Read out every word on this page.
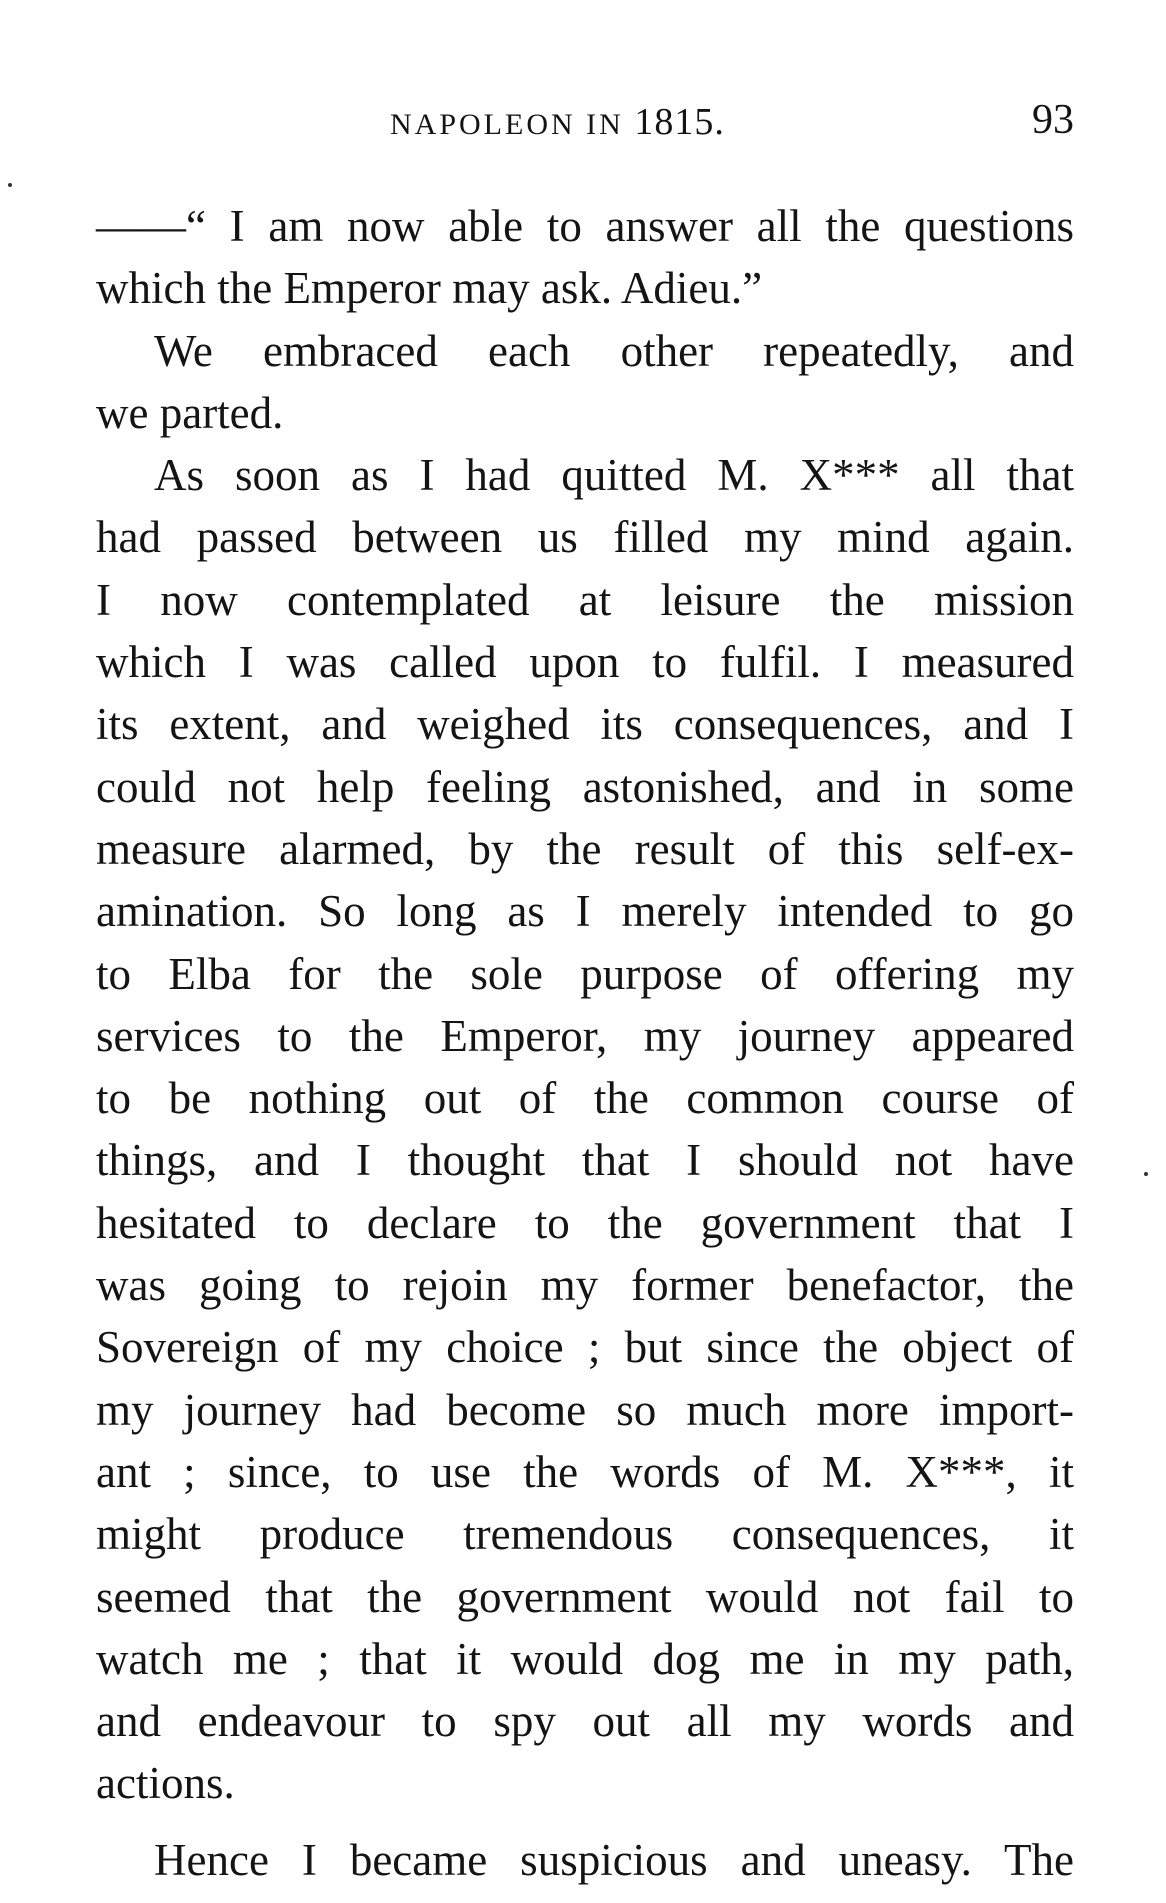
NAPOLEON IN 1815.	93
——“ I am now able to answer all the questions
which the Emperor may ask. Adieu.”
We embraced each other repeatedly, and
we parted.
As soon as I had quitted M. X*** all that
had passed between us filled my mind again.
I now contemplated at leisure the mission
which I was called upon to fulfil. I measured
its extent, and weighed its consequences, and I
could not help feeling astonished, and in some
measure alarmed, by the result of this self-ex-
amination. So long as I merely intended to go
to Elba for the sole purpose of offering my
services to the Emperor, my journey appeared
to be nothing out of the common course of
things, and I thought that I should not have
hesitated to declare to the government that I
was going to rejoin my former benefactor, the
Sovereign of my choice ; but since the object of
my journey had become so much more import-
ant ; since, to use the words of M. X***, it
might produce tremendous consequences, it
seemed that the government would not fail to
watch me ; that it would dog me in my path,
and endeavour to spy out all my words and
actions.
Hence I became suspicious and uneasy. The
